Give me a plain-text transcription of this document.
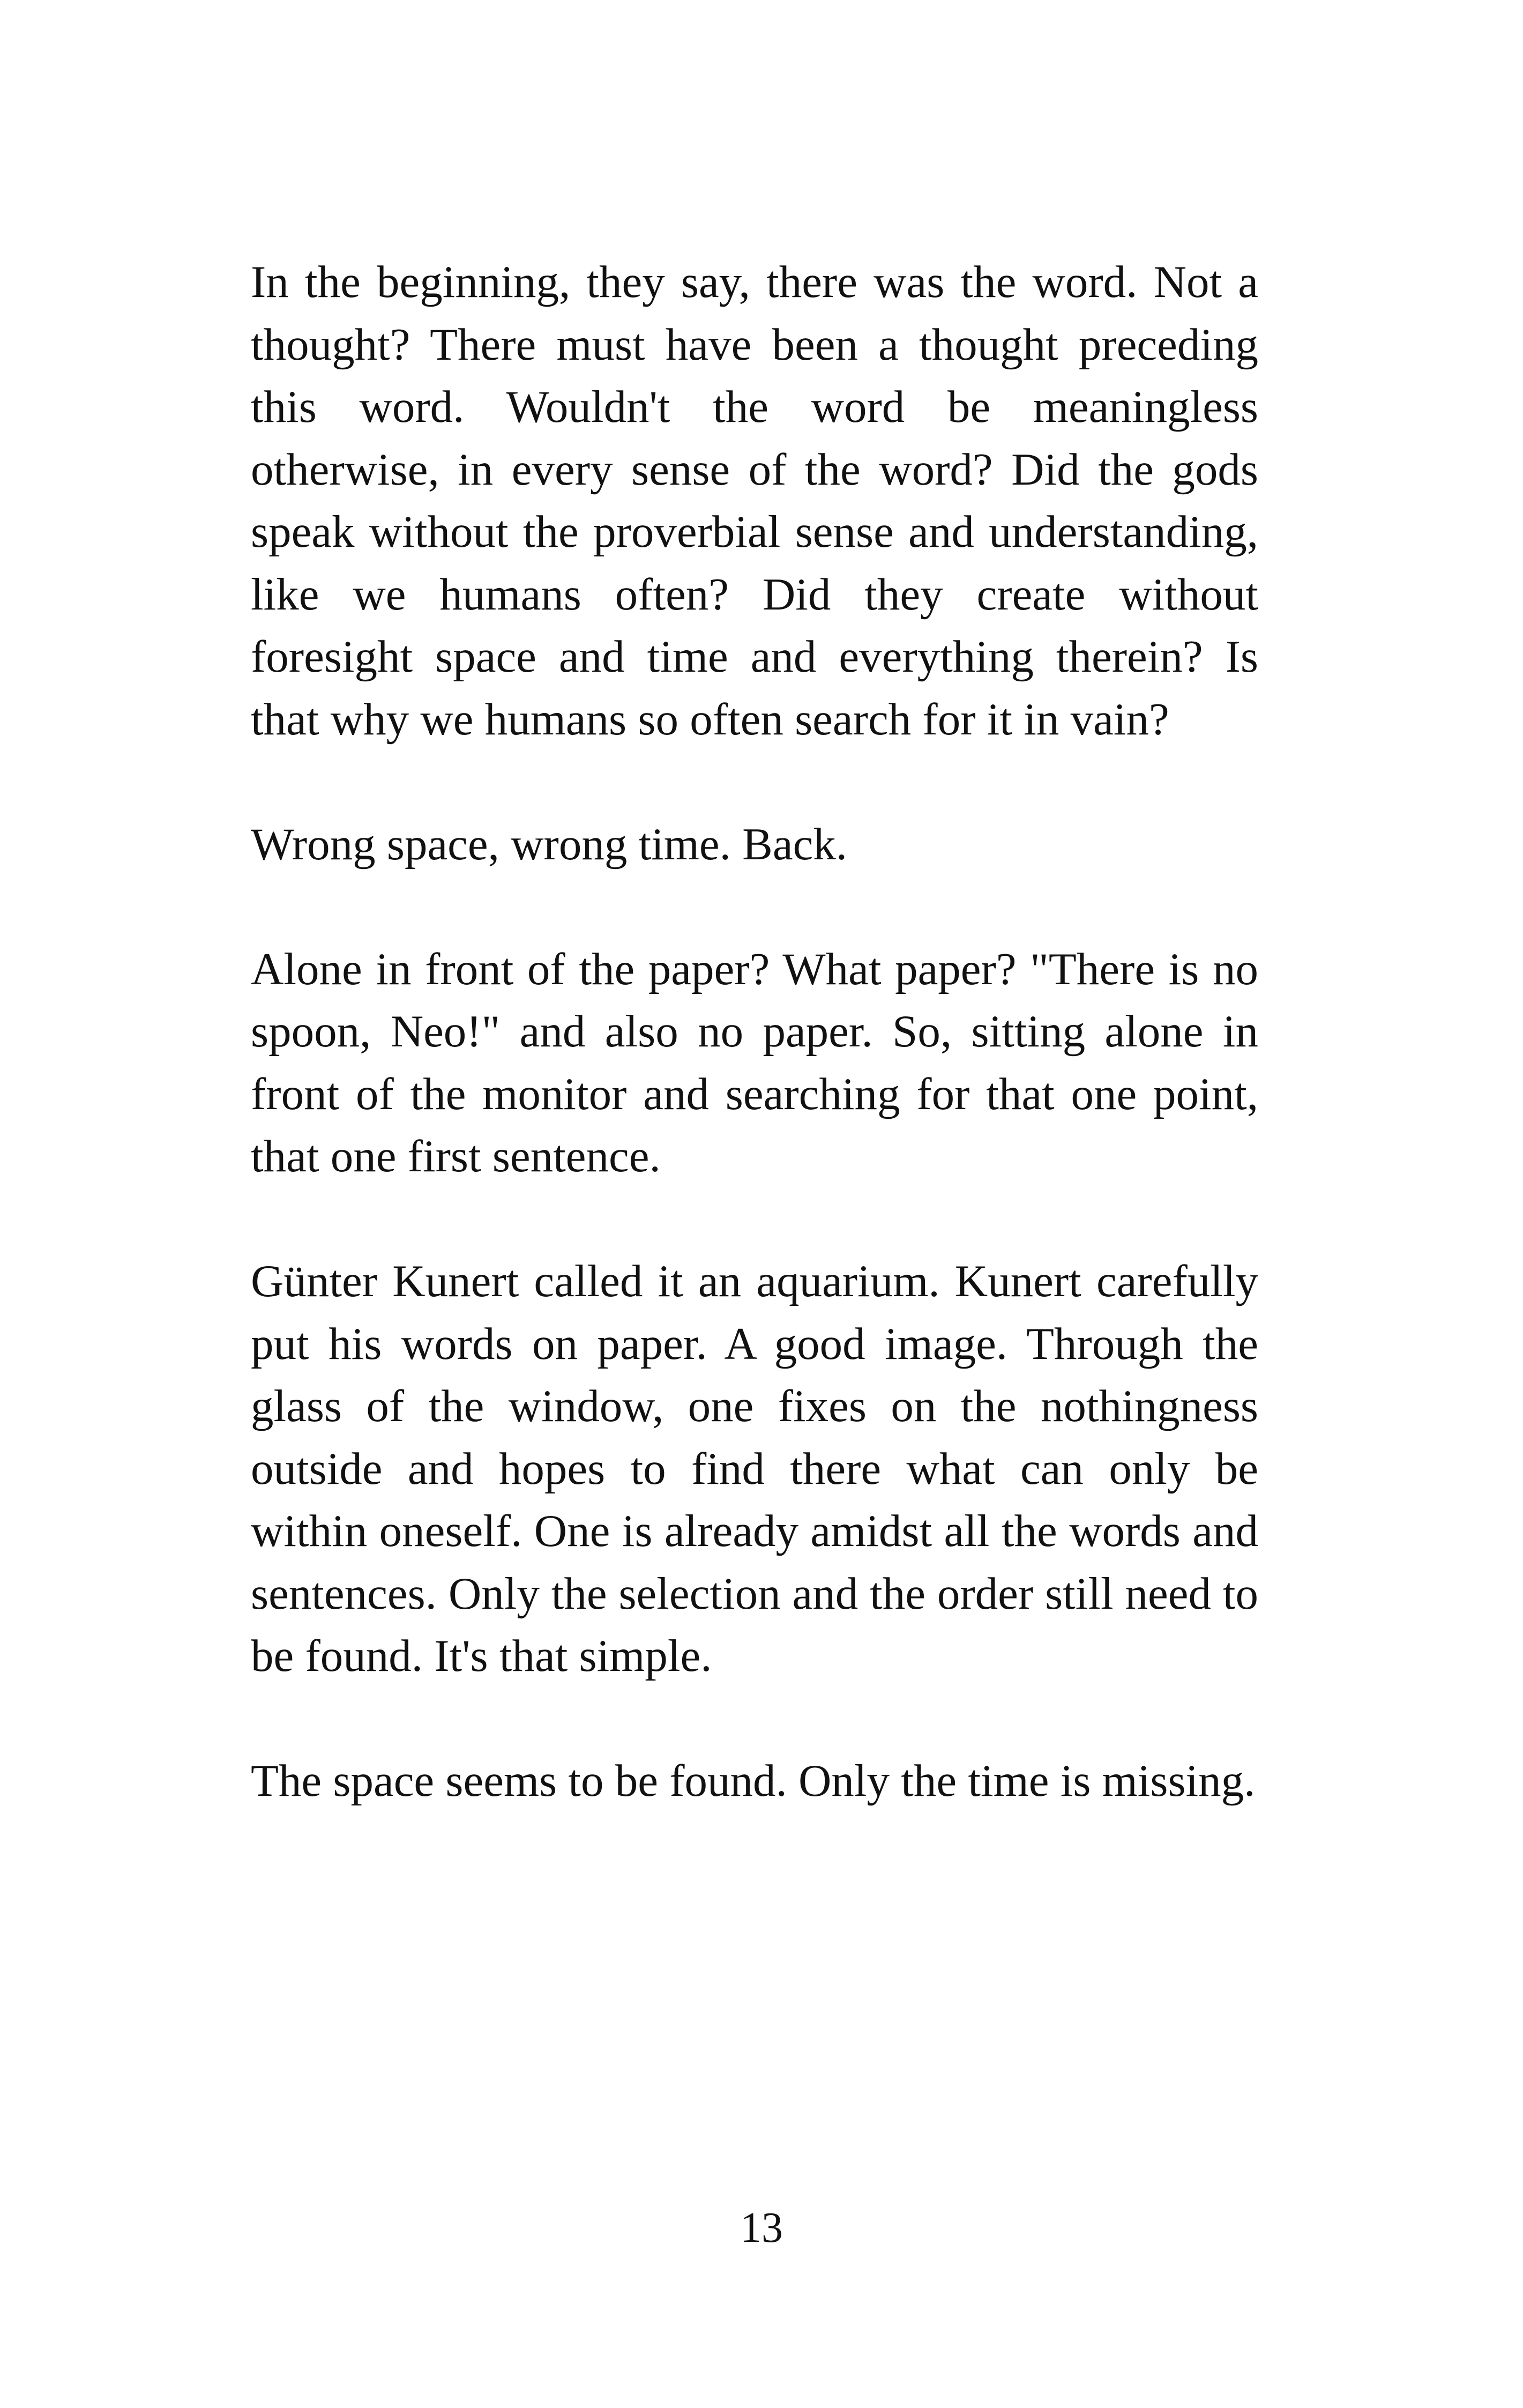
In the beginning, they say, there was the word. Not a thought? There must have been a thought preceding this word. Wouldn't the word be meaningless otherwise, in every sense of the word? Did the gods speak without the proverbial sense and understanding, like we humans often? Did they create without foresight space and time and everything therein? Is that why we humans so often search for it in vain?

Wrong space, wrong time. Back.

Alone in front of the paper? What paper? "There is no spoon, Neo!" and also no paper. So, sitting alone in front of the monitor and searching for that one point, that one first sentence.

Günter Kunert called it an aquarium. Kunert carefully put his words on paper. A good image. Through the glass of the window, one fixes on the nothingness outside and hopes to find there what can only be within oneself. One is already amidst all the words and sentences. Only the selection and the order still need to be found. It's that simple.

The space seems to be found. Only the time is missing.

13
